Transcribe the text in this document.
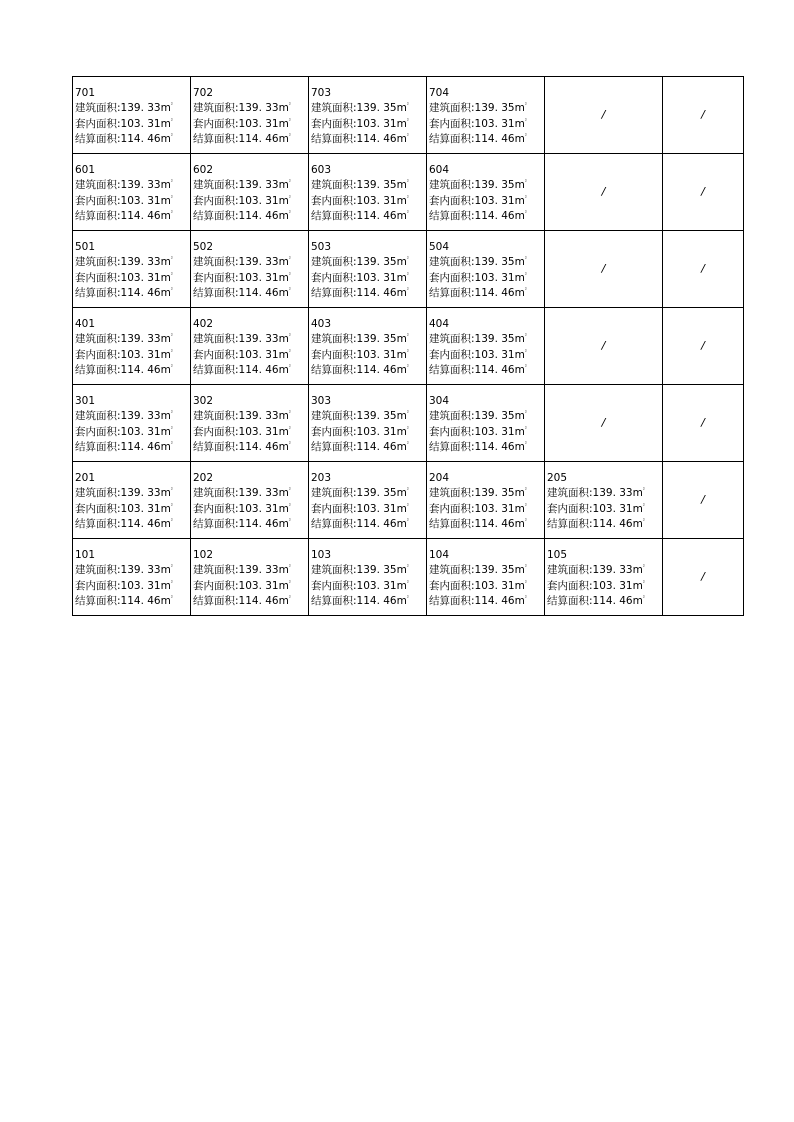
701
建筑面积:139. $33m^{^2}$
套内面积:103. $31m^{^2}$
结算面积:114. $46m^{^2}$	702
建筑面积:139. $33m^{^2}$
套内面积:103. $31m^{^2}$
结算面积:114. $46m^{^2}$	703
建筑面积:139. $35m^{^2}$
套内面积:103. $31m^{^2}$
结算面积:114. $46m^{^2}$	704
建筑面积:139. $35m^{^2}$
套内面积:103. $31m^{^2}$
结算面积:114. $46m^{^2}$	/	/

601
建筑面积:139. $33m^{^2}$
套内面积:103. $31m^{^2}$
结算面积:114. $46m^{^2}$	602
建筑面积:139. $33m^{^2}$
套内面积:103. $31m^{^2}$
结算面积:114. $46m^{^2}$	603
建筑面积:139. $35m^{^2}$
套内面积:103. $31m^{^2}$
结算面积:114. $46m^{^2}$	604
建筑面积:139. $35m^{^2}$
套内面积:103. $31m^{^2}$
结算面积:114. $46m^{^2}$	/	/

501
建筑面积:139. $33m^{^2}$
套内面积:103. $31m^{^2}$
结算面积:114. $46m^{^2}$	502
建筑面积:139. $33m^{^2}$
套内面积:103. $31m^{^2}$
结算面积:114. $46m^{^2}$	503
建筑面积:139. $35m^{^2}$
套内面积:103. $31m^{^2}$
结算面积:114. $46m^{^2}$	504
建筑面积:139. $35m^{^2}$
套内面积:103. $31m^{^2}$
结算面积:114. $46m^{^2}$	/	/

401
建筑面积:139. $33m^{^2}$
套内面积:103. $31m^{^2}$
结算面积:114. $46m^{^2}$	402
建筑面积:139. $33m^{^2}$
套内面积:103. $31m^{^2}$
结算面积:114. $46m^{^2}$	403
建筑面积:139. $35m^{^2}$
套内面积:103. $31m^{^2}$
结算面积:114. $46m^{^2}$	404
建筑面积:139. $35m^{^2}$
套内面积:103. $31m^{^2}$
结算面积:114. $46m^{^2}$	/	/

301
建筑面积:139. $33m^{^2}$
套内面积:103. $31m^{^2}$
结算面积:114. $46m^{^2}$	302
建筑面积:139. $33m^{^2}$
套内面积:103. $31m^{^2}$
结算面积:114. $46m^{^2}$	303
建筑面积:139. $35m^{^2}$
套内面积:103. $31m^{^2}$
结算面积:114. $46m^{^2}$	304
建筑面积:139. $35m^{^2}$
套内面积:103. $31m^{^2}$
结算面积:114. $46m^{^2}$	/	/

201
建筑面积:139. $33m^{^2}$
套内面积:103. $31m^{^2}$
结算面积:114. $46m^{^2}$	202
建筑面积:139. $33m^{^2}$
套内面积:103. $31m^{^2}$
结算面积:114. $46m^{^2}$	203
建筑面积:139. $35m^{^2}$
套内面积:103. $31m^{^2}$
结算面积:114. $46m^{^2}$	204
建筑面积:139. $35m^{^2}$
套内面积:103. $31m^{^2}$
结算面积:114. $46m^{^2}$	205
建筑面积:139. $33m^{^2}$
套内面积:103. $31m^{^2}$
结算面积:114. $46m^{^2}$	/

101
建筑面积:139. $33m^{^2}$
套内面积:103. $31m^{^2}$
结算面积:114. $46m^{^2}$	102
建筑面积:139. $33m^{^2}$
套内面积:103. $31m^{^2}$
结算面积:114. $46m^{^2}$	103
建筑面积:139. $35m^{^2}$
套内面积:103. $31m^{^2}$
结算面积:114. $46m^{^2}$	104
建筑面积:139. $35m^{^2}$
套内面积:103. $31m^{^2}$
结算面积:114. $46m^{^2}$	105
建筑面积:139. $33m^{^2}$
套内面积:103. $31m^{^2}$
结算面积:114. $46m^{^2}$	/
